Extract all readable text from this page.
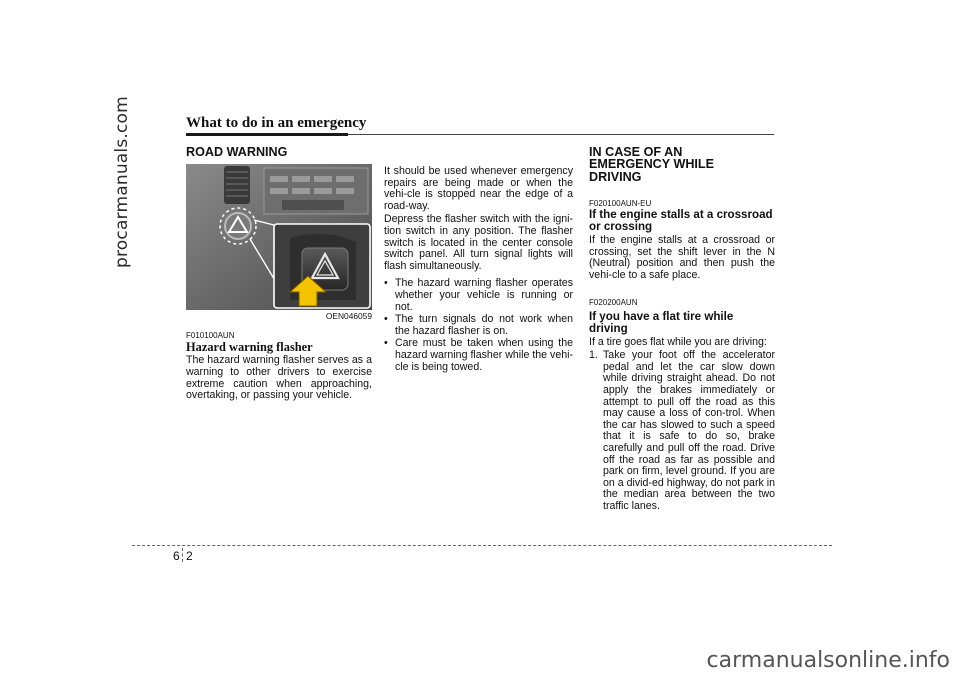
procarmanuals.com	What to do in an emergency
ROAD WARNING
OEN046059
F010100AUN
Hazard warning flasher

The hazard warning flasher serves as a warning to other drivers to exercise extreme caution when approaching, overtaking, or passing your vehicle.

It should be used whenever emergency repairs are being made or when the vehi-cle is stopped near the edge of a road-way.

Depress the flasher switch with the igni-tion switch in any position. The flasher switch is located in the center console switch panel. All turn signal lights will flash simultaneously.

• The hazard warning flasher operates whether your vehicle is running or not.
• The turn signals do not work when the hazard flasher is on.
• Care must be taken when using the hazard warning flasher while the vehi-cle is being towed.
IN CASE OF AN EMERGENCY WHILE DRIVING
F020100AUN-EU
If the engine stalls at a crossroad or crossing

If the engine stalls at a crossroad or crossing, set the shift lever in the N (Neutral) position and then push the vehi-cle to a safe place.

F020200AUN
If you have a flat tire while driving

If a tire goes flat while you are driving:

1. Take your foot off the accelerator pedal and let the car slow down while driving straight ahead. Do not apply the brakes immediately or attempt to pull off the road as this may cause a loss of con-trol. When the car has slowed to such a speed that it is safe to do so, brake carefully and pull off the road. Drive off the road as far as possible and park on firm, level ground. If you are on a divid-ed highway, do not park in the median area between the two traffic lanes.
6 2
carmanualsonline.info
